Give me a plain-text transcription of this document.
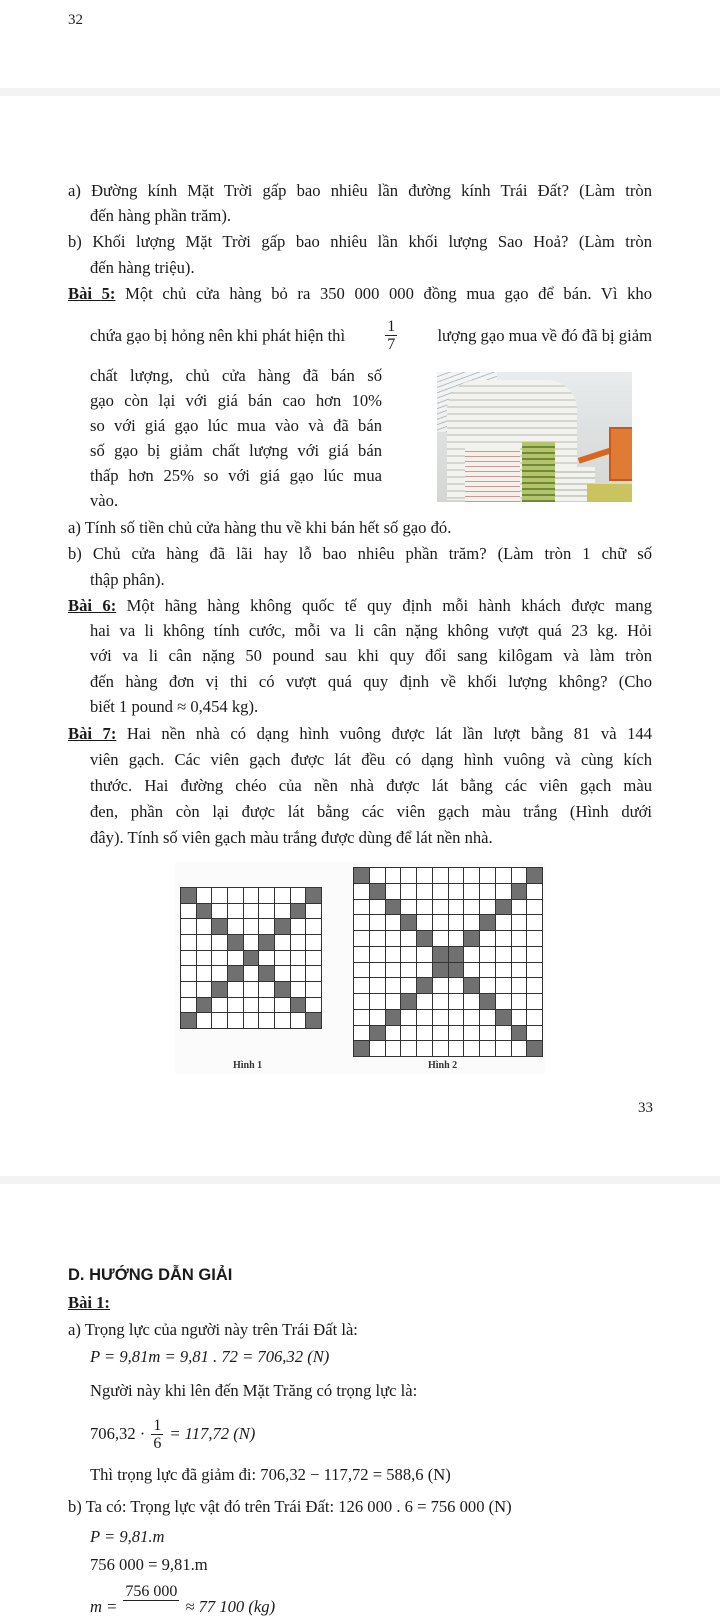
32
a) Đường kính Mặt Trời gấp bao nhiêu lần đường kính Trái Đất? (Làm tròn
đến hàng phần trăm).
b) Khối lượng Mặt Trời gấp bao nhiêu lần khối lượng Sao Hoả? (Làm tròn
đến hàng triệu).
Bài 5: Một chủ cửa hàng bỏ ra 350 000 000 đồng mua gạo để bán. Vì kho
chứa gạo bị hỏng nên khi phát hiện thì	$\frac{1}{7}$ lượng gạo mua về đó đã bị giảm
chất lượng, chủ cửa hàng đã bán số
gạo còn lại với giá bán cao hơn 10%
so với giá gạo lúc mua vào và đã bán
số gạo bị giảm chất lượng với giá bán
thấp hơn 25% so với giá gạo lúc mua
vào.
a) Tính số tiền chủ cửa hàng thu về khi bán hết số gạo đó.
b) Chủ cửa hàng đã lãi hay lỗ bao nhiêu phần trăm? (Làm tròn 1 chữ số
thập phân).
Bài 6: Một hãng hàng không quốc tế quy định mỗi hành khách được mang
hai va li không tính cước, mỗi va li cân nặng không vượt quá 23 kg. Hỏi
với va li cân nặng 50 pound sau khi quy đổi sang kilôgam và làm tròn
đến hàng đơn vị thi có vượt quá quy định về khối lượng không? (Cho
biết 1 pound ≈ 0,454 kg).
Bài 7: Hai nền nhà có dạng hình vuông được lát lần lượt bằng 81 và 144
viên gạch. Các viên gạch được lát đều có dạng hình vuông và cùng kích
thước. Hai đường chéo của nền nhà được lát bằng các viên gạch màu
đen, phần còn lại được lát bằng các viên gạch màu trắng (Hình dưới
đây). Tính số viên gạch màu trắng được dùng để lát nền nhà.
Hình 1	Hình 2
33
D. HƯỚNG DẪN GIẢI
Bài 1:
a) Trọng lực của người này trên Trái Đất là:
P = 9,81m = 9,81 . 72 = 706,32 (N)
Người này khi lên đến Mặt Trăng có trọng lực là:
$706,32 \cdot \frac{1}{6} = 117,72$ (N)
Thì trọng lực đã giảm đi: 706,32 − 117,72 = 588,6 (N)
b) Ta có: Trọng lực vật đó trên Trái Đất: 126 000 . 6 = 756 000 (N)
P = 9,81.m
756 000 = 9,81.m
m =
756 000
≈ 77 100 (kg)
